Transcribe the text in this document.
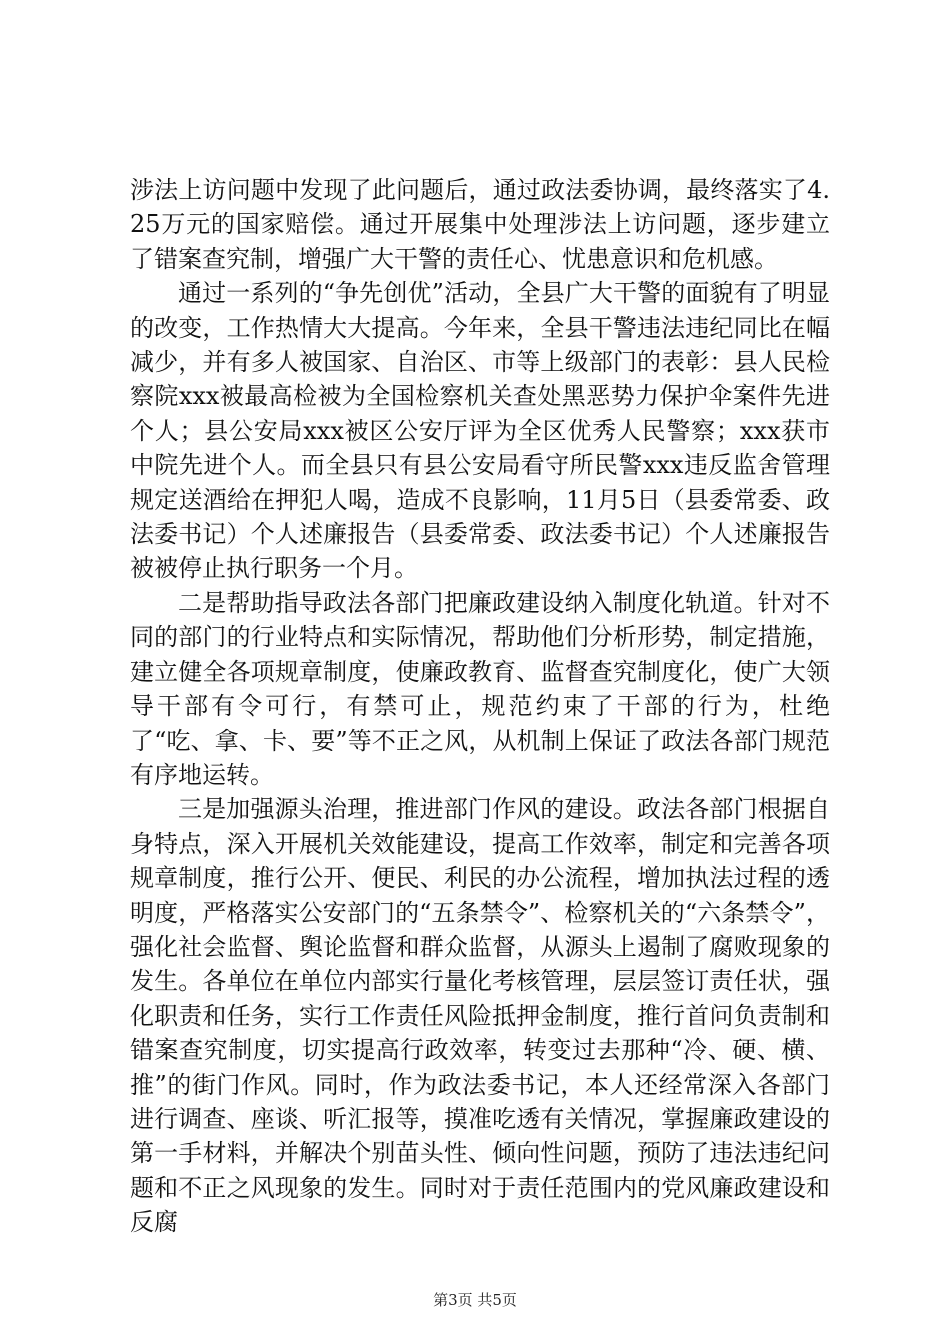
涉法上访问题中发现了此问题后，通过政法委协调，最终落实了4.25万元的国家赔偿。通过开展集中处理涉法上访问题，逐步建立了错案查究制，增强广大干警的责任心、忧患意识和危机感。

通过一系列的“争先创优”活动，全县广大干警的面貌有了明显的改变，工作热情大大提高。今年来，全县干警违法违纪同比在幅减少，并有多人被国家、自治区、市等上级部门的表彰：县人民检察院xxx被最高检被为全国检察机关查处黑恶势力保护伞案件先进个人；县公安局xxx被区公安厅评为全区优秀人民警察；xxx获市中院先进个人。而全县只有县公安局看守所民警xxx违反监舍管理规定送酒给在押犯人喝，造成不良影响，11月5日（县委常委、政法委书记）个人述廉报告（县委常委、政法委书记）个人述廉报告被被停止执行职务一个月。

二是帮助指导政法各部门把廉政建设纳入制度化轨道。针对不同的部门的行业特点和实际情况，帮助他们分析形势，制定措施，建立健全各项规章制度，使廉政教育、监督查究制度化，使广大领导干部有令可行，有禁可止，规范约束了干部的行为，杜绝了“吃、拿、卡、要”等不正之风，从机制上保证了政法各部门规范有序地运转。

三是加强源头治理，推进部门作风的建设。政法各部门根据自身特点，深入开展机关效能建设，提高工作效率，制定和完善各项规章制度，推行公开、便民、利民的办公流程，增加执法过程的透明度，严格落实公安部门的“五条禁令”、检察机关的“六条禁令”，强化社会监督、舆论监督和群众监督，从源头上遏制了腐败现象的发生。各单位在单位内部实行量化考核管理，层层签订责任状，强化职责和任务，实行工作责任风险抵押金制度，推行首问负责制和错案查究制度，切实提高行政效率，转变过去那种“冷、硬、横、推”的街门作风。同时，作为政法委书记，本人还经常深入各部门进行调查、座谈、听汇报等，摸准吃透有关情况，掌握廉政建设的第一手材料，并解决个别苗头性、倾向性问题，预防了违法违纪问题和不正之风现象的发生。同时对于责任范围内的党风廉政建设和反腐

第3页 共5页
